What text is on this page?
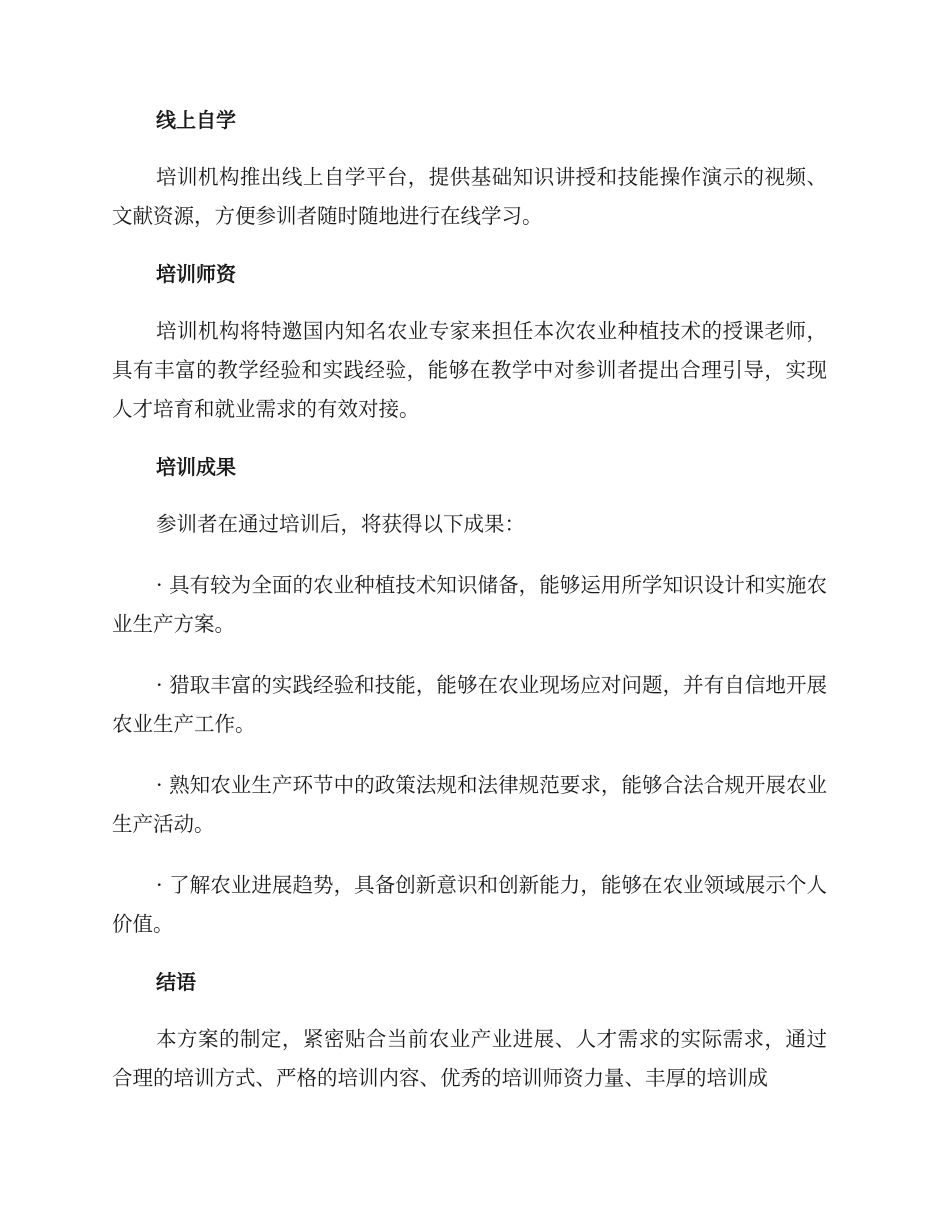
线上自学

培训机构推出线上自学平台，提供基础知识讲授和技能操作演示的视频、文献资源，方便参训者随时随地进行在线学习。

培训师资

培训机构将特邀国内知名农业专家来担任本次农业种植技术的授课老师，具有丰富的教学经验和实践经验，能够在教学中对参训者提出合理引导，实现人才培育和就业需求的有效对接。

培训成果

参训者在通过培训后，将获得以下成果：

· 具有较为全面的农业种植技术知识储备，能够运用所学知识设计和实施农业生产方案。

· 猎取丰富的实践经验和技能，能够在农业现场应对问题，并有自信地开展农业生产工作。

· 熟知农业生产环节中的政策法规和法律规范要求，能够合法合规开展农业生产活动。

· 了解农业进展趋势，具备创新意识和创新能力，能够在农业领域展示个人价值。

结语

本方案的制定，紧密贴合当前农业产业进展、人才需求的实际需求，通过合理的培训方式、严格的培训内容、优秀的培训师资力量、丰厚的培训成
